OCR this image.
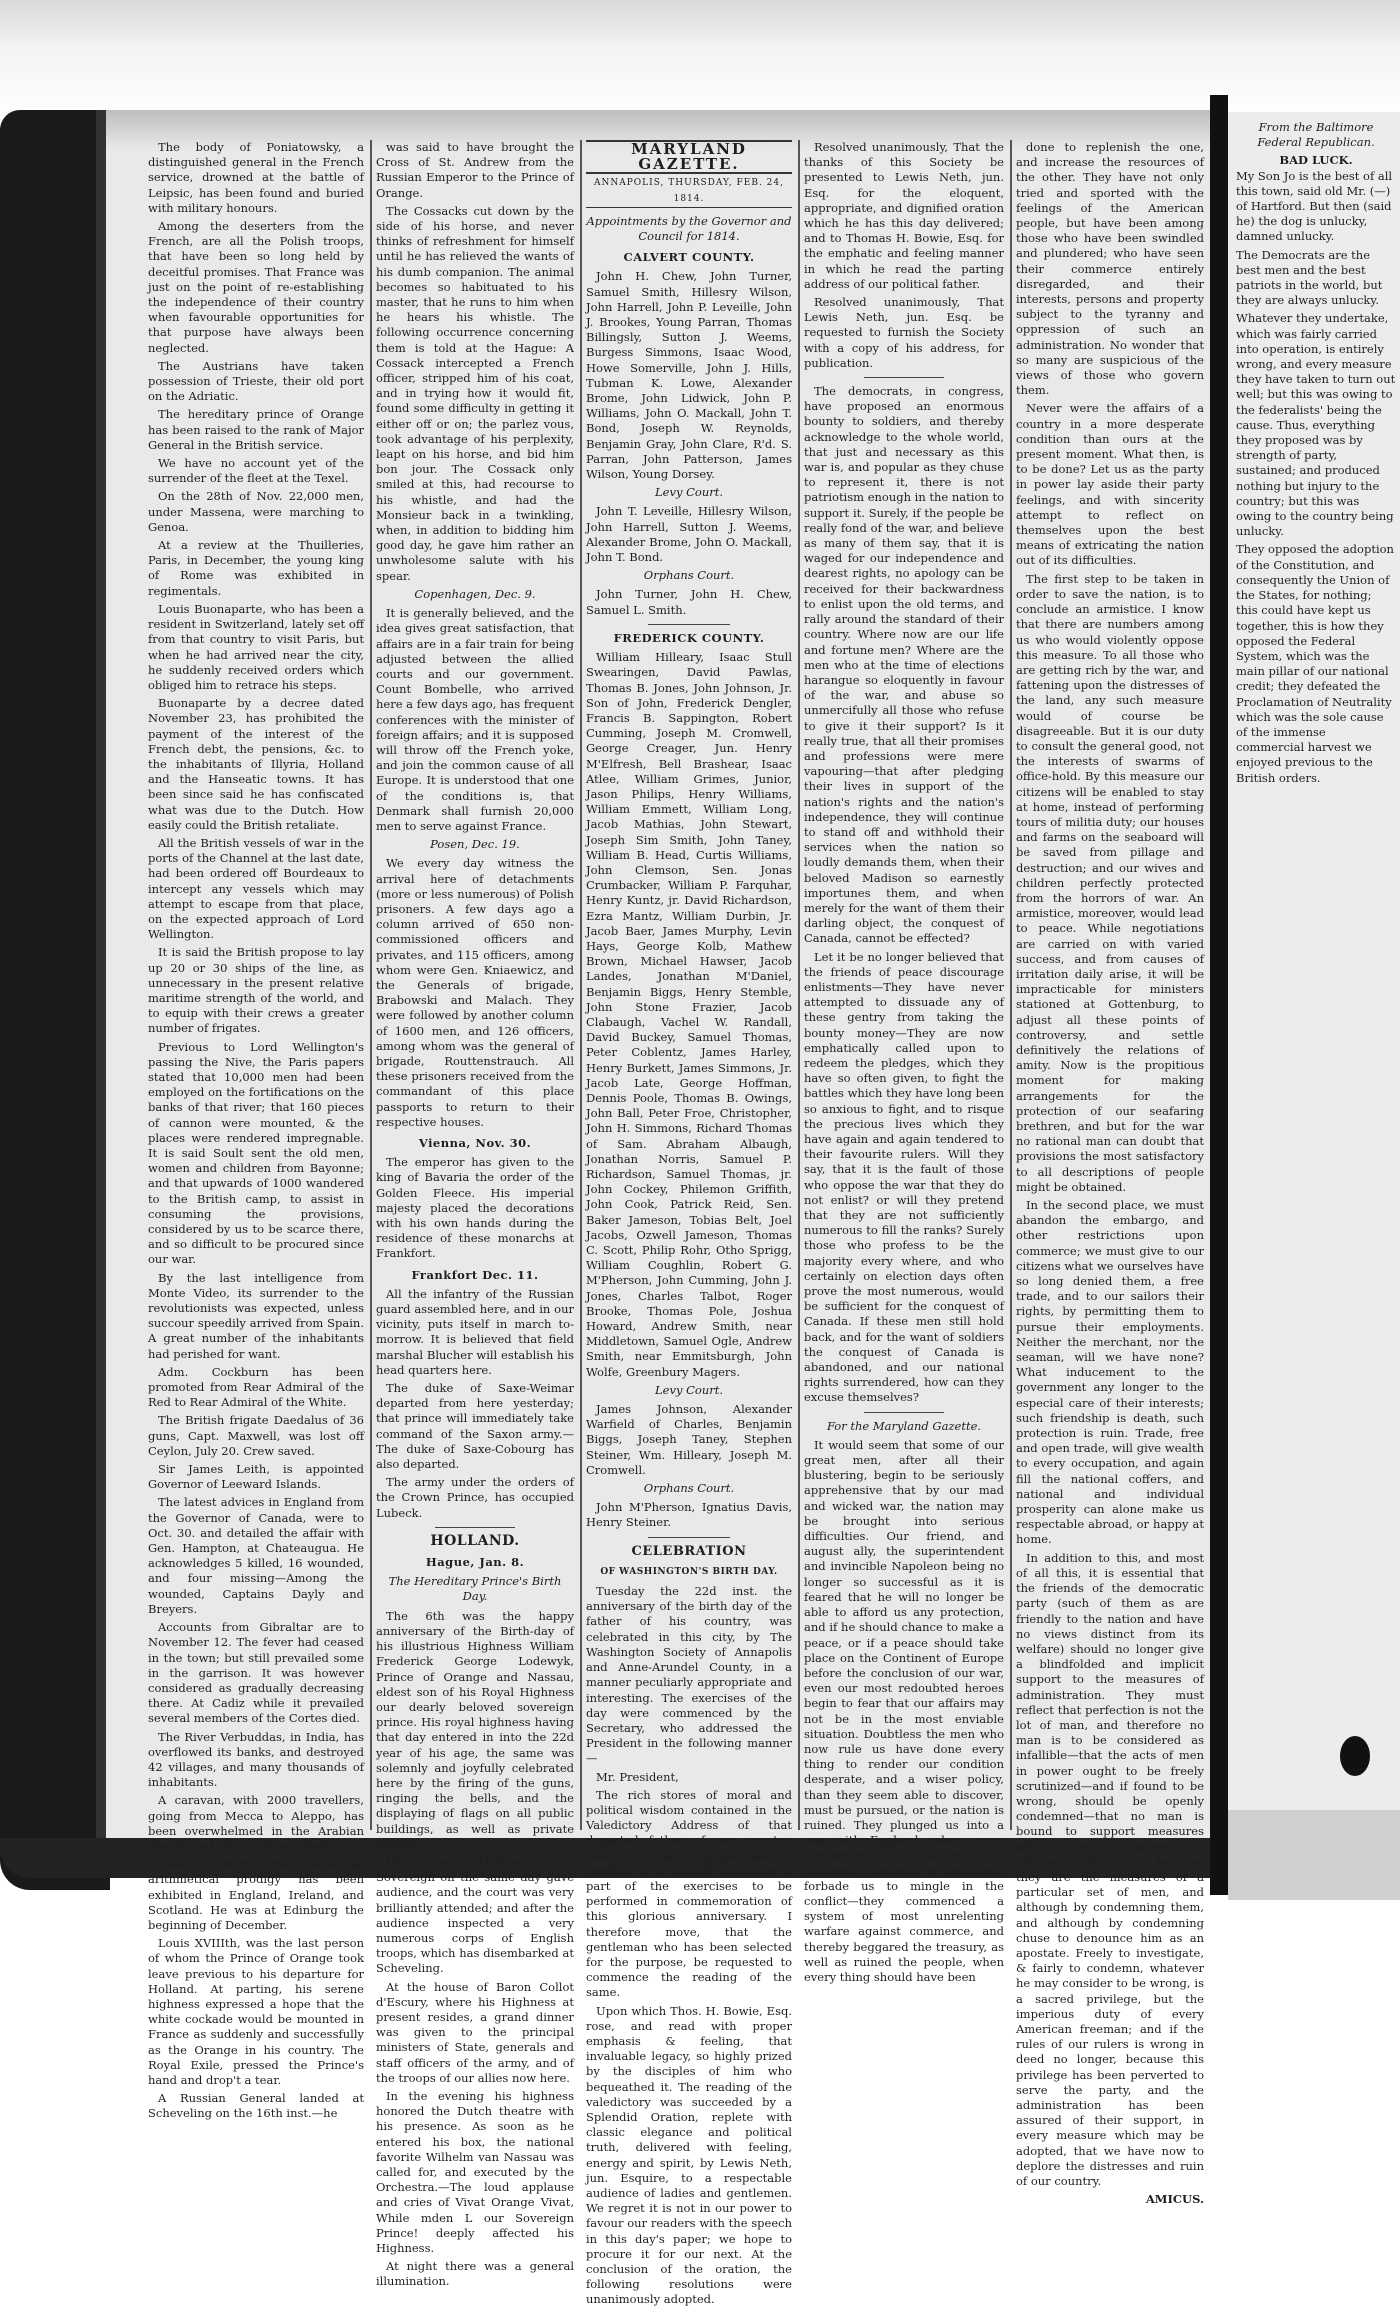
The body of Poniatowsky, a distinguished general in the French service, drowned at the battle of Leipsic, has been found and buried with military honours.

Among the deserters from the French, are all the Polish troops, that have been so long held by deceitful promises. That France was just on the point of re-establishing the independence of their country when favourable opportunities for that purpose have always been neglected.

The Austrians have taken possession of Trieste, their old port on the Adriatic.

The hereditary prince of Orange has been raised to the rank of Major General in the British service.

We have no account yet of the surrender of the fleet at the Texel.

On the 28th of Nov. 22,000 men, under Massena, were marching to Genoa.

At a review at the Thuilleries, Paris, in December, the young king of Rome was exhibited in regimentals.

Louis Buonaparte, who has been a resident in Switzerland, lately set off from that country to visit Paris, but when he had arrived near the city, he suddenly received orders which obliged him to retrace his steps.

Buonaparte by a decree dated November 23, has prohibited the payment of the interest of the French debt, the pensions, &c. to the inhabitants of Illyria, Holland and the Hanseatic towns. It has been since said he has confiscated what was due to the Dutch. How easily could the British retaliate.

All the British vessels of war in the ports of the Channel at the last date, had been ordered off Bourdeaux to intercept any vessels which may attempt to escape from that place, on the expected approach of Lord Wellington.

It is said the British propose to lay up 20 or 30 ships of the line, as unnecessary in the present relative maritime strength of the world, and to equip with their crews a greater number of frigates.

Previous to Lord Wellington's passing the Nive, the Paris papers stated that 10,000 men had been employed on the fortifications on the banks of that river; that 160 pieces of cannon were mounted, & the places were rendered impregnable. It is said Soult sent the old men, women and children from Bayonne; and that upwards of 1000 wandered to the British camp, to assist in consuming the provisions, considered by us to be scarce there, and so difficult to be procured since our war.

By the last intelligence from Monte Video, its surrender to the revolutionists was expected, unless succour speedily arrived from Spain. A great number of the inhabitants had perished for want.

Adm. Cockburn has been promoted from Rear Admiral of the Red to Rear Admiral of the White.

The British frigate Daedalus of 36 guns, Capt. Maxwell, was lost off Ceylon, July 20. Crew saved.

Sir James Leith, is appointed Governor of Leeward Islands.

The latest advices in England from the Governor of Canada, were to Oct. 30. and detailed the affair with Gen. Hampton, at Chateaugua. He acknowledges 5 killed, 16 wounded, and four missing—Among the wounded, Captains Dayly and Breyers.

Accounts from Gibraltar are to November 12. The fever had ceased in the town; but still prevailed some in the garrison. It was however considered as gradually decreasing there. At Cadiz while it prevailed several members of the Cortes died.

The River Verbuddas, in India, has overflowed its banks, and destroyed 42 villages, and many thousands of inhabitants.

A caravan, with 2000 travellers, going from Mecca to Aleppo, has been overwhelmed in the Arabian desert, and all but 20 perished.

Zera Colburn, the American arithmetical prodigy has been exhibited in England, Ireland, and Scotland. He was at Edinburg the beginning of December.

Louis XVIIIth, was the last person of whom the Prince of Orange took leave previous to his departure for Holland. At parting, his serene highness expressed a hope that the white cockade would be mounted in France as suddenly and successfully as the Orange in his country. The Royal Exile, pressed the Prince's hand and drop't a tear.

A Russian General landed at Scheveling on the 16th inst.—he

was said to have brought the Cross of St. Andrew from the Russian Emperor to the Prince of Orange.

The Cossacks cut down by the side of his horse, and never thinks of refreshment for himself until he has relieved the wants of his dumb companion. The animal becomes so habituated to his master, that he runs to him when he hears his whistle. The following occurrence concerning them is told at the Hague: A Cossack intercepted a French officer, stripped him of his coat, and in trying how it would fit, found some difficulty in getting it either off or on; the parlez vous, took advantage of his perplexity, leapt on his horse, and bid him bon jour. The Cossack only smiled at this, had recourse to his whistle, and had the Monsieur back in a twinkling, when, in addition to bidding him good day, he gave him rather an unwholesome salute with his spear.

Copenhagen, Dec. 9.

It is generally believed, and the idea gives great satisfaction, that affairs are in a fair train for being adjusted between the allied courts and our government. Count Bombelle, who arrived here a few days ago, has frequent conferences with the minister of foreign affairs; and it is supposed will throw off the French yoke, and join the common cause of all Europe. It is understood that one of the conditions is, that Denmark shall furnish 20,000 men to serve against France.

Posen, Dec. 19.

We every day witness the arrival here of detachments (more or less numerous) of Polish prisoners. A few days ago a column arrived of 650 non-commissioned officers and privates, and 115 officers, among whom were Gen. Kniaewicz, and the Generals of brigade, Brabowski and Malach. They were followed by another column of 1600 men, and 126 officers, among whom was the general of brigade, Routtenstrauch. All these prisoners received from the commandant of this place passports to return to their respective houses.

Vienna, Nov. 30.

The emperor has given to the king of Bavaria the order of the Golden Fleece. His imperial majesty placed the decorations with his own hands during the residence of these monarchs at Frankfort.

Frankfort Dec. 11.

All the infantry of the Russian guard assembled here, and in our vicinity, puts itself in march to-morrow. It is believed that field marshal Blucher will establish his head quarters here.

The duke of Saxe-Weimar departed from here yesterday; that prince will immediately take command of the Saxon army.—The duke of Saxe-Cobourg has also departed.

The army under the orders of the Crown Prince, has occupied Lubeck.

HOLLAND.
Hague, Jan. 8.
The Hereditary Prince's Birth Day.

The 6th was the happy anniversary of the Birth-day of his illustrious Highness William Frederick George Lodewyk, Prince of Orange and Nassau, eldest son of his Royal Highness our dearly beloved sovereign prince. His royal highness having that day entered in into the 22d year of his age, the same was solemnly and joyfully celebrated here by the firing of the guns, ringing the bells, and the displaying of flags on all public buildings, as well as private houses.

His Royal Highness our Sovereign on the same day gave audience, and the court was very brilliantly attended; and after the audience inspected a very numerous corps of English troops, which has disembarked at Scheveling.

At the house of Baron Collot d'Escury, where his Highness at present resides, a grand dinner was given to the principal ministers of State, generals and staff officers of the army, and of the troops of our allies now here.

In the evening his highness honored the Dutch theatre with his presence. As soon as he entered his box, the national favorite Wilhelm van Nassau was called for, and executed by the Orchestra.—The loud applause and cries of Vivat Orange Vivat, While mden L our Sovereign Prince! deeply affected his Highness.

At night there was a general illumination.

MARYLAND GAZETTE.
ANNAPOLIS, THURSDAY, FEB. 24, 1814.
Appointments by the Governor and Council for 1814.
CALVERT COUNTY.

John H. Chew, John Turner, Samuel Smith, Hillesry Wilson, John Harrell, John P. Leveille, John J. Brookes, Young Parran, Thomas Billingsly, Sutton J. Weems, Burgess Simmons, Isaac Wood, Howe Somerville, John J. Hills, Tubman K. Lowe, Alexander Brome, John Lidwick, John P. Williams, John O. Mackall, John T. Bond, Joseph W. Reynolds, Benjamin Gray, John Clare, R'd. S. Parran, John Patterson, James Wilson, Young Dorsey.

Levy Court.

John T. Leveille, Hillesry Wilson, John Harrell, Sutton J. Weems, Alexander Brome, John O. Mackall, John T. Bond.

Orphans Court.

John Turner, John H. Chew, Samuel L. Smith.

FREDERICK COUNTY.

William Hilleary, Isaac Stull Swearingen, David Pawlas, Thomas B. Jones, John Johnson, Jr. Son of John, Frederick Dengler, Francis B. Sappington, Robert Cumming, Joseph M. Cromwell, George Creager, Jun. Henry M'Elfresh, Bell Brashear, Isaac Atlee, William Grimes, Junior, Jason Philips, Henry Williams, William Emmett, William Long, Jacob Mathias, John Stewart, Joseph Sim Smith, John Taney, William B. Head, Curtis Williams, John Clemson, Sen. Jonas Crumbacker, William P. Farquhar, Henry Kuntz, jr. David Richardson, Ezra Mantz, William Durbin, Jr. Jacob Baer, James Murphy, Levin Hays, George Kolb, Mathew Brown, Michael Hawser, Jacob Landes, Jonathan M'Daniel, Benjamin Biggs, Henry Stemble, John Stone Frazier, Jacob Clabaugh, Vachel W. Randall, David Buckey, Samuel Thomas, Peter Coblentz, James Harley, Henry Burkett, James Simmons, Jr. Jacob Late, George Hoffman, Dennis Poole, Thomas B. Owings, John Ball, Peter Froe, Christopher, John H. Simmons, Richard Thomas of Sam. Abraham Albaugh, Jonathan Norris, Samuel P. Richardson, Samuel Thomas, jr. John Cockey, Philemon Griffith, John Cook, Patrick Reid, Sen. Baker Jameson, Tobias Belt, Joel Jacobs, Ozwell Jameson, Thomas C. Scott, Philip Rohr, Otho Sprigg, William Coughlin, Robert G. M'Pherson, John Cumming, John J. Jones, Charles Talbot, Roger Brooke, Thomas Pole, Joshua Howard, Andrew Smith, near Middletown, Samuel Ogle, Andrew Smith, near Emmitsburgh, John Wolfe, Greenbury Magers.

Levy Court.

James Johnson, Alexander Warfield of Charles, Benjamin Biggs, Joseph Taney, Stephen Steiner, Wm. Hilleary, Joseph M. Cromwell.

Orphans Court.

John M'Pherson, Ignatius Davis, Henry Steiner.

CELEBRATION
OF WASHINGTON'S BIRTH DAY.

Tuesday the 22d inst. the anniversary of the birth day of the father of his country, was celebrated in this city, by The Washington Society of Annapolis and Anne-Arundel County, in a manner peculiarly appropriate and interesting. The exercises of the day were commenced by the Secretary, who addressed the President in the following manner—

Mr. President,

The rich stores of moral and political wisdom contained in the Valedictory Address of that departed father of our country, render it eminently proper that the reading of it, should constitute a part of the exercises to be performed in commemoration of this glorious anniversary. I therefore move, that the gentleman who has been selected for the purpose, be requested to commence the reading of the same.

Upon which Thos. H. Bowie, Esq. rose, and read with proper emphasis & feeling, that invaluable legacy, so highly prized by the disciples of him who bequeathed it. The reading of the valedictory was succeeded by a Splendid Oration, replete with classic elegance and political truth, delivered with feeling, energy and spirit, by Lewis Neth, jun. Esquire, to a respectable audience of ladies and gentlemen. We regret it is not in our power to favour our readers with the speech in this day's paper; we hope to procure it for our next. At the conclusion of the oration, the following resolutions were unanimously adopted.

Resolved unanimously, That the thanks of this Society be presented to Lewis Neth, jun. Esq. for the eloquent, appropriate, and dignified oration which he has this day delivered; and to Thomas H. Bowie, Esq. for the emphatic and feeling manner in which he read the parting address of our political father.

Resolved unanimously, That Lewis Neth, jun. Esq. be requested to furnish the Society with a copy of his address, for publication.

The democrats, in congress, have proposed an enormous bounty to soldiers, and thereby acknowledge to the whole world, that just and necessary as this war is, and popular as they chuse to represent it, there is not patriotism enough in the nation to support it. Surely, if the people be really fond of the war, and believe as many of them say, that it is waged for our independence and dearest rights, no apology can be received for their backwardness to enlist upon the old terms, and rally around the standard of their country. Where now are our life and fortune men? Where are the men who at the time of elections harangue so eloquently in favour of the war, and abuse so unmercifully all those who refuse to give it their support? Is it really true, that all their promises and professions were mere vapouring—that after pledging their lives in support of the nation's rights and the nation's independence, they will continue to stand off and withhold their services when the nation so loudly demands them, when their beloved Madison so earnestly importunes them, and when merely for the want of them their darling object, the conquest of Canada, cannot be effected?

Let it be no longer believed that the friends of peace discourage enlistments—They have never attempted to dissuade any of these gentry from taking the bounty money—They are now emphatically called upon to redeem the pledges, which they have so often given, to fight the battles which they have long been so anxious to fight, and to risque the precious lives which they have again and again tendered to their favourite rulers. Will they say, that it is the fault of those who oppose the war that they do not enlist? or will they pretend that they are not sufficiently numerous to fill the ranks? Surely those who profess to be the majority every where, and who certainly on election days often prove the most numerous, would be sufficient for the conquest of Canada. If these men still hold back, and for the want of soldiers the conquest of Canada is abandoned, and our national rights surrendered, how can they excuse themselves?

For the Maryland Gazette.

It would seem that some of our great men, after all their blustering, begin to be seriously apprehensive that by our mad and wicked war, the nation may be brought into serious difficulties. Our friend, and august ally, the superintendent and invincible Napoleon being no longer so successful as it is feared that he will no longer be able to afford us any protection, and if he should chance to make a peace, or if a peace should take place on the Continent of Europe before the conclusion of our war, even our most redoubted heroes begin to fear that our affairs may not be in the most enviable situation. Doubtless the men who now rule us have done every thing to render our condition desperate, and a wiser policy, than they seem able to discover, must be pursued, or the nation is ruined. They plunged us into a war with England, when every consideration, whether of prudence, humanity or patriotism forbade us to mingle in the conflict—they commenced a system of most unrelenting warfare against commerce, and thereby beggared the treasury, as well as ruined the people, when every thing should have been

done to replenish the one, and increase the resources of the other. They have not only tried and sported with the feelings of the American people, but have been among those who have been swindled and plundered; who have seen their commerce entirely disregarded, and their interests, persons and property subject to the tyranny and oppression of such an administration. No wonder that so many are suspicious of the views of those who govern them.

Never were the affairs of a country in a more desperate condition than ours at the present moment. What then, is to be done? Let us as the party in power lay aside their party feelings, and with sincerity attempt to reflect on themselves upon the best means of extricating the nation out of its difficulties.

The first step to be taken in order to save the nation, is to conclude an armistice. I know that there are numbers among us who would violently oppose this measure. To all those who are getting rich by the war, and fattening upon the distresses of the land, any such measure would of course be disagreeable. But it is our duty to consult the general good, not the interests of swarms of office-hold. By this measure our citizens will be enabled to stay at home, instead of performing tours of militia duty; our houses and farms on the seaboard will be saved from pillage and destruction; and our wives and children perfectly protected from the horrors of war. An armistice, moreover, would lead to peace. While negotiations are carried on with varied success, and from causes of irritation daily arise, it will be impracticable for ministers stationed at Gottenburg, to adjust all these points of controversy, and settle definitively the relations of amity. Now is the propitious moment for making arrangements for the protection of our seafaring brethren, and but for the war no rational man can doubt that provisions the most satisfactory to all descriptions of people might be obtained.

In the second place, we must abandon the embargo, and other restrictions upon commerce; we must give to our citizens what we ourselves have so long denied them, a free trade, and to our sailors their rights, by permitting them to pursue their employments. Neither the merchant, nor the seaman, will we have none? What inducement to the government any longer to the especial care of their interests; such friendship is death, such protection is ruin. Trade, free and open trade, will give wealth to every occupation, and again fill the national coffers, and national and individual prosperity can alone make us respectable abroad, or happy at home.

In addition to this, and most of all this, it is essential that the friends of the democratic party (such of them as are friendly to the nation and have no views distinct from its welfare) should no longer give a blindfolded and implicit support to the measures of administration. They must reflect that perfection is not the lot of man, and therefore no man is to be considered as infallible—that the acts of men in power ought to be freely scrutinized—and if found to be wrong, should be openly condemned—that no man is bound to support measures which he conscientiously believes to be wrong, because they are the measures of a particular set of men, and although by condemning them, and although by condemning chuse to denounce him as an apostate. Freely to investigate, & fairly to condemn, whatever he may consider to be wrong, is a sacred privilege, but the imperious duty of every American freeman; and if the rules of our rulers is wrong in deed no longer, because this privilege has been perverted to serve the party, and the administration has been assured of their support, in every measure which may be adopted, that we have now to deplore the distresses and ruin of our country.

AMICUS.

From the Baltimore Federal Republican.

BAD LUCK.

My Son Jo is the best of all this town, said old Mr. (—) of Hartford. But then (said he) the dog is unlucky, damned unlucky.

The Democrats are the best men and the best patriots in the world, but they are always unlucky.

Whatever they undertake, which was fairly carried into operation, is entirely wrong, and every measure they have taken to turn out well; but this was owing to the federalists' being the cause. Thus, everything they proposed was by strength of party, sustained; and produced nothing but injury to the country; but this was owing to the country being unlucky.

They opposed the adoption of the Constitution, and consequently the Union of the States, for nothing; this could have kept us together, this is how they opposed the Federal System, which was the main pillar of our national credit; they defeated the Proclamation of Neutrality which was the sole cause of the immense commercial harvest we enjoyed previous to the British orders.
